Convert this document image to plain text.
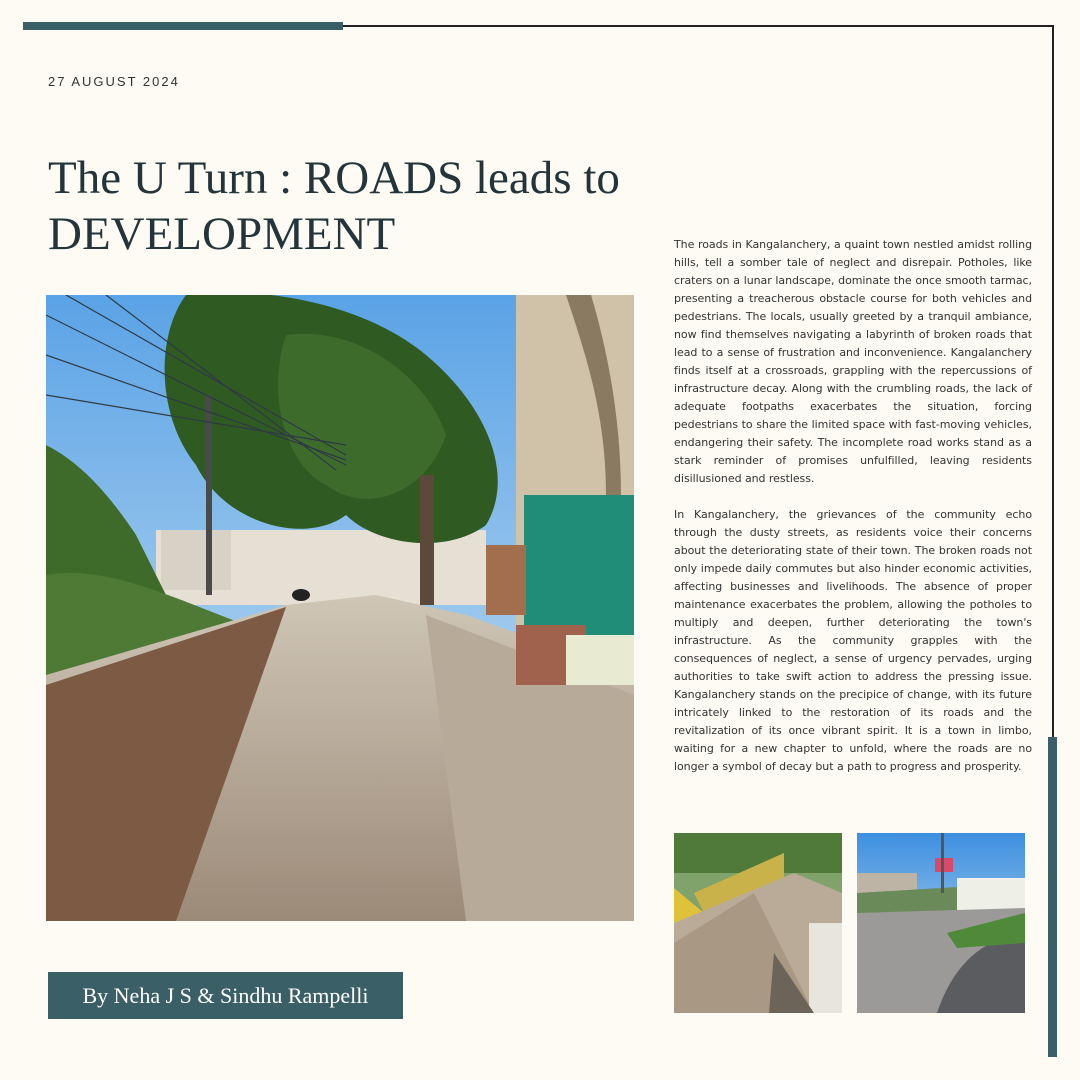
27 AUGUST 2024
The U Turn : ROADS leads to DEVELOPMENT
By Neha J S & Sindhu Rampelli

The roads in Kangalanchery, a quaint town nestled amidst rolling hills, tell a somber tale of neglect and disrepair. Potholes, like craters on a lunar landscape, dominate the once smooth tarmac, presenting a treacherous obstacle course for both vehicles and pedestrians. The locals, usually greeted by a tranquil ambiance, now find themselves navigating a labyrinth of broken roads that lead to a sense of frustration and inconvenience. Kangalanchery finds itself at a crossroads, grappling with the repercussions of infrastructure decay. Along with the crumbling roads, the lack of adequate footpaths exacerbates the situation, forcing pedestrians to share the limited space with fast-moving vehicles, endangering their safety. The incomplete road works stand as a stark reminder of promises unfulfilled, leaving residents disillusioned and restless.

In Kangalanchery, the grievances of the community echo through the dusty streets, as residents voice their concerns about the deteriorating state of their town. The broken roads not only impede daily commutes but also hinder economic activities, affecting businesses and livelihoods. The absence of proper maintenance exacerbates the problem, allowing the potholes to multiply and deepen, further deteriorating the town's infrastructure. As the community grapples with the consequences of neglect, a sense of urgency pervades, urging authorities to take swift action to address the pressing issue. Kangalanchery stands on the precipice of change, with its future intricately linked to the restoration of its roads and the revitalization of its once vibrant spirit. It is a town in limbo, waiting for a new chapter to unfold, where the roads are no longer a symbol of decay but a path to progress and prosperity.
